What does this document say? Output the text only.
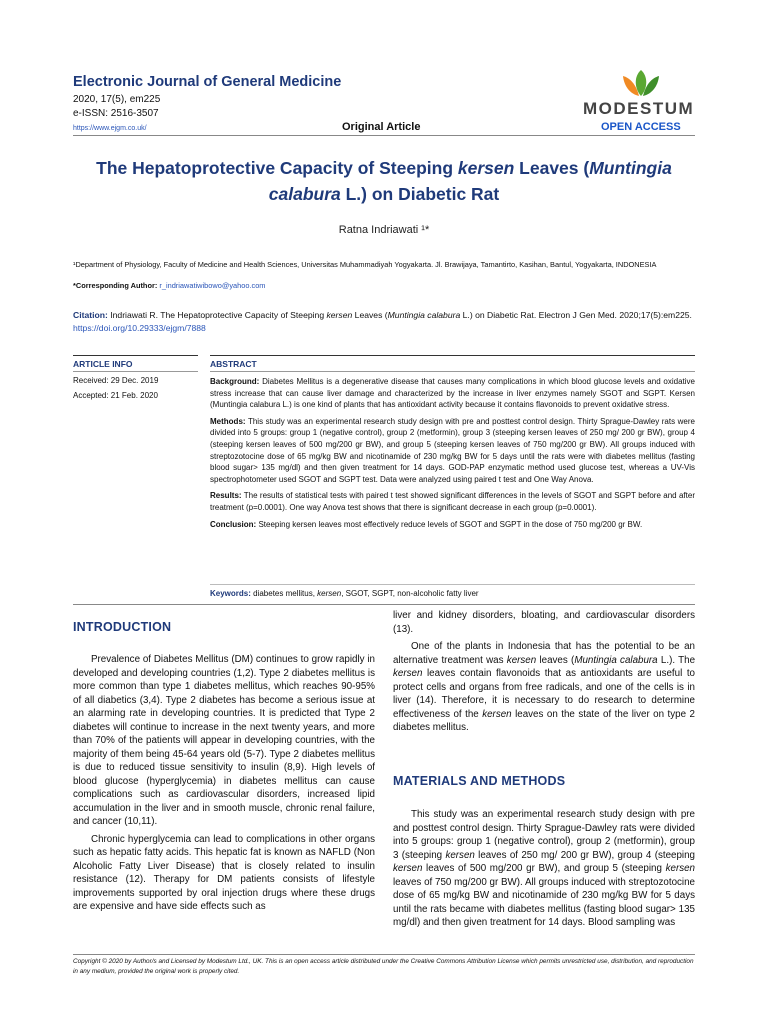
Electronic Journal of General Medicine
2020, 17(5), em225
e-ISSN: 2516-3507
https://www.ejgm.co.uk/	Original Article
MODESTUM
OPEN ACCESS
The Hepatoprotective Capacity of Steeping kersen Leaves (Muntingia calabura L.) on Diabetic Rat
Ratna Indriawati ¹*
¹Department of Physiology, Faculty of Medicine and Health Sciences, Universitas Muhammadiyah Yogyakarta. Jl. Brawijaya, Tamantirto, Kasihan, Bantul, Yogyakarta, INDONESIA
*Corresponding Author: r_indriawatiwibowo@yahoo.com
Citation: Indriawati R. The Hepatoprotective Capacity of Steeping kersen Leaves (Muntingia calabura L.) on Diabetic Rat. Electron J Gen Med. 2020;17(5):em225. https://doi.org/10.29333/ejgm/7888
ARTICLE INFO	ABSTRACT
Received: 29 Dec. 2019
Accepted: 21 Feb. 2020

Background: Diabetes Mellitus is a degenerative disease that causes many complications in which blood glucose levels and oxidative stress increase that can cause liver damage and characterized by the increase in liver enzymes namely SGOT and SGPT. Kersen (Muntingia calabura L.) is one kind of plants that has antioxidant activity because it contains flavonoids to prevent oxidative stress.

Methods: This study was an experimental research study design with pre and posttest control design. Thirty Sprague-Dawley rats were divided into 5 groups: group 1 (negative control), group 2 (metformin), group 3 (steeping kersen leaves of 250 mg/ 200 gr BW), group 4 (steeping kersen leaves of 500 mg/200 gr BW), and group 5 (steeping kersen leaves of 750 mg/200 gr BW). All groups induced with streptozotocine dose of 65 mg/kg BW and nicotinamide of 230 mg/kg BW for 5 days until the rats were with diabetes mellitus (fasting blood sugar> 135 mg/dl) and then given treatment for 14 days. GOD-PAP enzymatic method used glucose test, whereas a UV-Vis spectrophotometer used SGOT and SGPT test. Data were analyzed using paired t test and One Way Anova.

Results: The results of statistical tests with paired t test showed significant differences in the levels of SGOT and SGPT before and after treatment (p=0.0001). One way Anova test shows that there is significant decrease in each group (p=0.0001).

Conclusion: Steeping kersen leaves most effectively reduce levels of SGOT and SGPT in the dose of 750 mg/200 gr BW.

Keywords: diabetes mellitus, kersen, SGOT, SGPT, non-alcoholic fatty liver
INTRODUCTION

Prevalence of Diabetes Mellitus (DM) continues to grow rapidly in developed and developing countries (1,2). Type 2 diabetes mellitus is more common than type 1 diabetes mellitus, which reaches 90-95% of all diabetics (3,4). Type 2 diabetes has become a serious issue at an alarming rate in developing countries. It is predicted that Type 2 diabetes will continue to increase in the next twenty years, and more than 70% of the patients will appear in developing countries, with the majority of them being 45-64 years old (5-7). Type 2 diabetes mellitus is due to reduced tissue sensitivity to insulin (8,9). High levels of blood glucose (hyperglycemia) in diabetes mellitus can cause complications such as cardiovascular disorders, increased lipid accumulation in the liver and in smooth muscle, chronic renal failure, and cancer (10,11).

Chronic hyperglycemia can lead to complications in other organs such as hepatic fatty acids. This hepatic fat is known as NAFLD (Non Alcoholic Fatty Liver Disease) that is closely related to insulin resistance (12). Therapy for DM patients consists of lifestyle improvements supported by oral injection drugs where these drugs are expensive and have side effects such as

liver and kidney disorders, bloating, and cardiovascular disorders (13).

One of the plants in Indonesia that has the potential to be an alternative treatment was kersen leaves (Muntingia calabura L.). The kersen leaves contain flavonoids that as antioxidants are useful to protect cells and organs from free radicals, and one of the cells is in liver (14). Therefore, it is necessary to do research to determine effectiveness of the kersen leaves on the state of the liver on type 2 diabetes mellitus.

MATERIALS AND METHODS

This study was an experimental research study design with pre and posttest control design. Thirty Sprague-Dawley rats were divided into 5 groups: group 1 (negative control), group 2 (metformin), group 3 (steeping kersen leaves of 250 mg/ 200 gr BW), group 4 (steeping kersen leaves of 500 mg/200 gr BW), and group 5 (steeping kersen leaves of 750 mg/200 gr BW). All groups induced with streptozotocine dose of 65 mg/kg BW and nicotinamide of 230 mg/kg BW for 5 days until the rats became with diabetes mellitus (fasting blood sugar> 135 mg/dl) and then given treatment for 14 days. Blood sampling was

Copyright © 2020 by Author/s and Licensed by Modestum Ltd., UK. This is an open access article distributed under the Creative Commons Attribution License which permits unrestricted use, distribution, and reproduction in any medium, provided the original work is properly cited.
